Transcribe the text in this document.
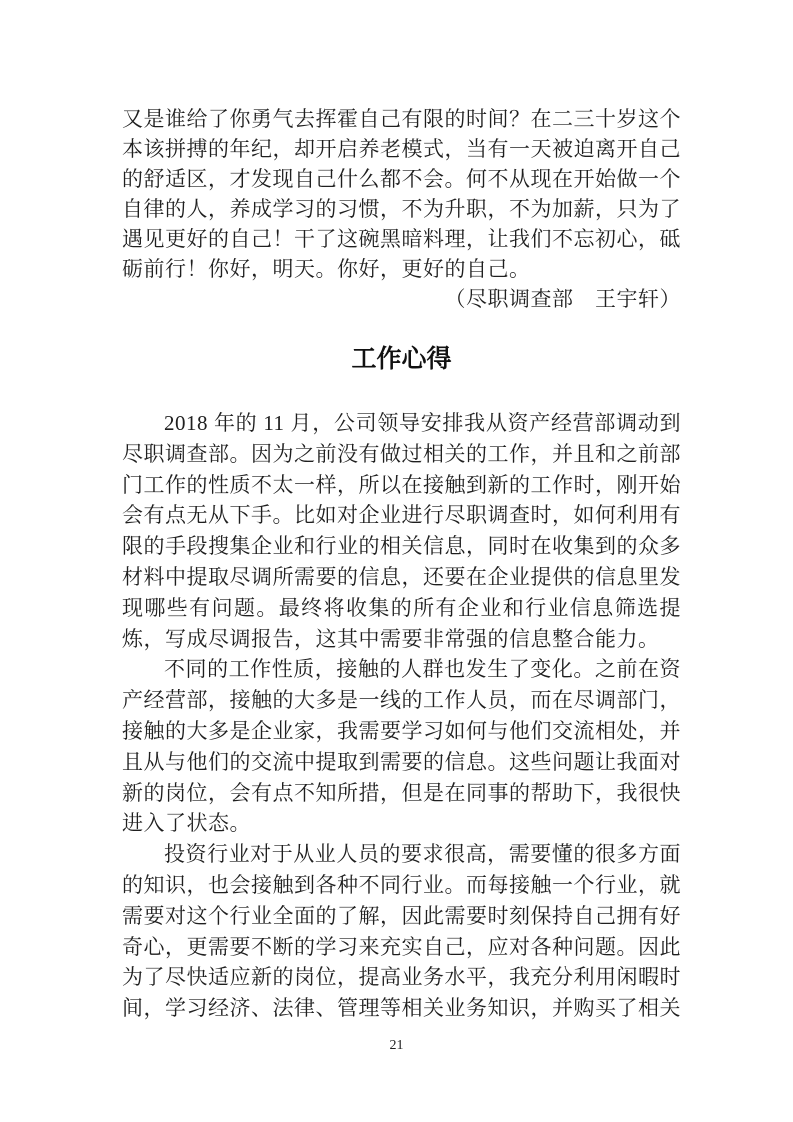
又是谁给了你勇气去挥霍自己有限的时间？在二三十岁这个本该拼搏的年纪，却开启养老模式，当有一天被迫离开自己的舒适区，才发现自己什么都不会。何不从现在开始做一个自律的人，养成学习的习惯，不为升职，不为加薪，只为了遇见更好的自己！干了这碗黑暗料理，让我们不忘初心，砥砺前行！你好，明天。你好，更好的自己。

（尽职调查部　王宇轩）

工作心得

2018 年的 11 月，公司领导安排我从资产经营部调动到尽职调查部。因为之前没有做过相关的工作，并且和之前部门工作的性质不太一样，所以在接触到新的工作时，刚开始会有点无从下手。比如对企业进行尽职调查时，如何利用有限的手段搜集企业和行业的相关信息，同时在收集到的众多材料中提取尽调所需要的信息，还要在企业提供的信息里发现哪些有问题。最终将收集的所有企业和行业信息筛选提炼，写成尽调报告，这其中需要非常强的信息整合能力。

不同的工作性质，接触的人群也发生了变化。之前在资产经营部，接触的大多是一线的工作人员，而在尽调部门，接触的大多是企业家，我需要学习如何与他们交流相处，并且从与他们的交流中提取到需要的信息。这些问题让我面对新的岗位，会有点不知所措，但是在同事的帮助下，我很快进入了状态。

投资行业对于从业人员的要求很高，需要懂的很多方面的知识，也会接触到各种不同行业。而每接触一个行业，就需要对这个行业全面的了解，因此需要时刻保持自己拥有好奇心，更需要不断的学习来充实自己，应对各种问题。因此为了尽快适应新的岗位，提高业务水平，我充分利用闲暇时间，学习经济、法律、管理等相关业务知识，并购买了相关

21
